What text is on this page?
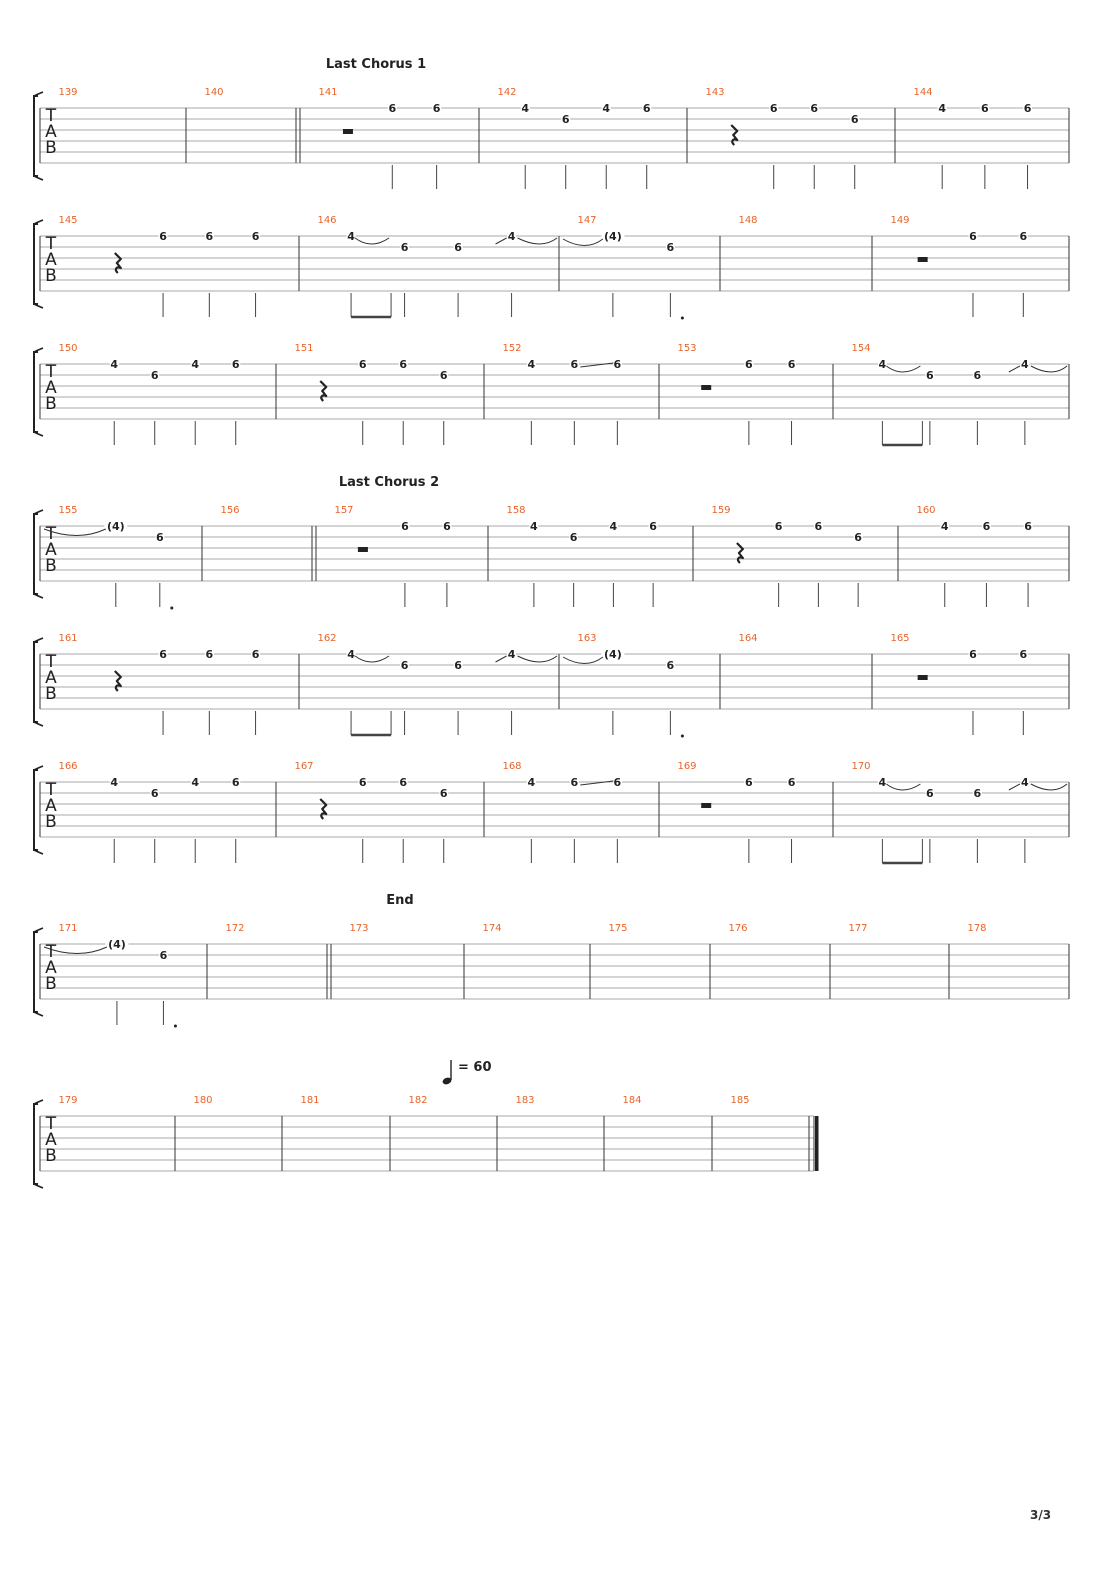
Last Chorus 1
T
A
B
139	140	141
6	6
142
4
6
4	6
143
6	6
6
144
4	6	6
T
A
B
145
6	6	6
146
4
6	6
4
147
(4)
6
148	149
6	6
T
A
B
150
4
6
4	6
151
6	6
6
152
4	6	6
153
6	6
154
4
6	6
4
Last Chorus 2
T
A
B
155
(4)
6
156	157
6	6
158
4
6
4	6
159
6	6
6
160
4	6	6
T
A
B
161
6	6	6
162
4
6	6
4
163
(4)
6
164	165
6	6
T
A
B
166
4
6
4	6
167
6	6
6
168
4	6	6
169
6	6
170
4
6	6
4
End
T
A
B
171
(4)
6
172	173	174	175	176	177	178
= 60
T
A
B
179	180	181	182	183	184	185
3/3
